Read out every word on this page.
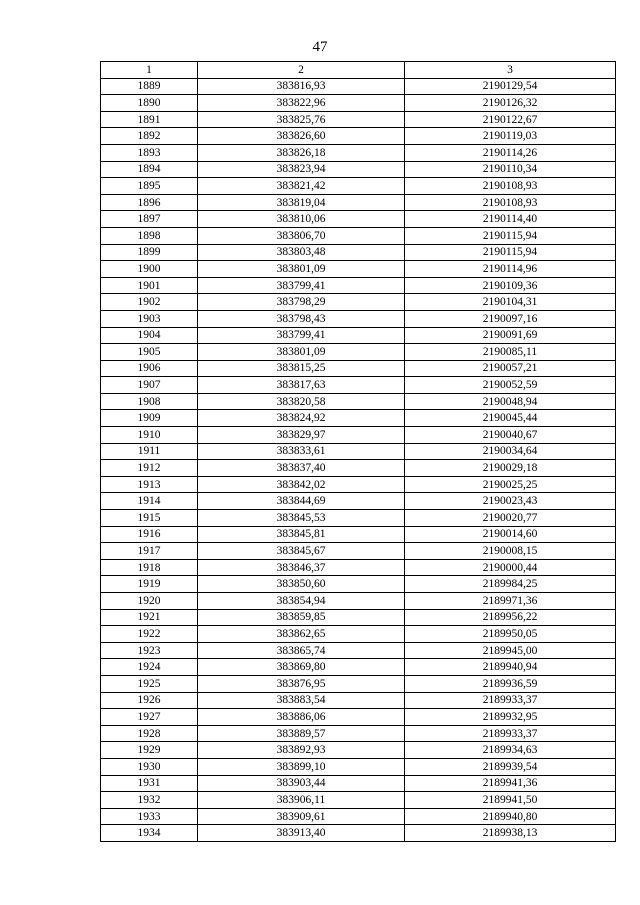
47
1	2	3
1889	383816,93	2190129,54
1890	383822,96	2190126,32
1891	383825,76	2190122,67
1892	383826,60	2190119,03
1893	383826,18	2190114,26
1894	383823,94	2190110,34
1895	383821,42	2190108,93
1896	383819,04	2190108,93
1897	383810,06	2190114,40
1898	383806,70	2190115,94
1899	383803,48	2190115,94
1900	383801,09	2190114,96
1901	383799,41	2190109,36
1902	383798,29	2190104,31
1903	383798,43	2190097,16
1904	383799,41	2190091,69
1905	383801,09	2190085,11
1906	383815,25	2190057,21
1907	383817,63	2190052,59
1908	383820,58	2190048,94
1909	383824,92	2190045,44
1910	383829,97	2190040,67
1911	383833,61	2190034,64
1912	383837,40	2190029,18
1913	383842,02	2190025,25
1914	383844,69	2190023,43
1915	383845,53	2190020,77
1916	383845,81	2190014,60
1917	383845,67	2190008,15
1918	383846,37	2190000,44
1919	383850,60	2189984,25
1920	383854,94	2189971,36
1921	383859,85	2189956,22
1922	383862,65	2189950,05
1923	383865,74	2189945,00
1924	383869,80	2189940,94
1925	383876,95	2189936,59
1926	383883,54	2189933,37
1927	383886,06	2189932,95
1928	383889,57	2189933,37
1929	383892,93	2189934,63
1930	383899,10	2189939,54
1931	383903,44	2189941,36
1932	383906,11	2189941,50
1933	383909,61	2189940,80
1934	383913,40	2189938,13
